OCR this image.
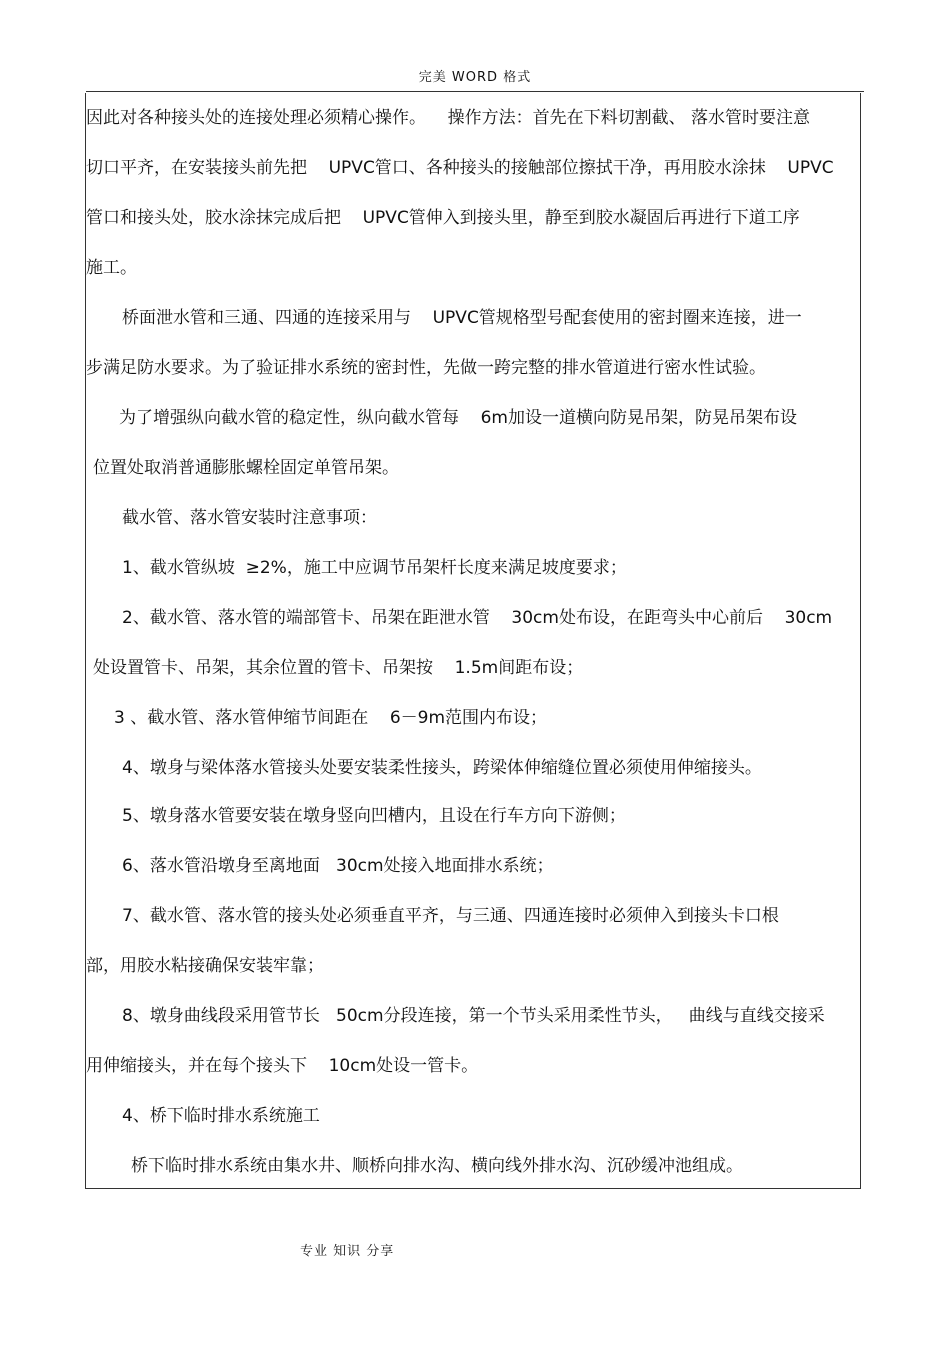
完美 WORD 格式
因此对各种接头处的连接处理必须精心操作。    操作方法：首先在下料切割截、 落水管时要注意
切口平齐，在安装接头前先把    UPVC管口、各种接头的接触部位擦拭干净，再用胶水涂抹    UPVC
管口和接头处，胶水涂抹完成后把    UPVC管伸入到接头里，静至到胶水凝固后再进行下道工序
施工。
桥面泄水管和三通、四通的连接采用与    UPVC管规格型号配套使用的密封圈来连接，进一
步满足防水要求。为了验证排水系统的密封性，先做一跨完整的排水管道进行密水性试验。
为了增强纵向截水管的稳定性，纵向截水管每    6m加设一道横向防晃吊架，防晃吊架布设
位置处取消普通膨胀螺栓固定单管吊架。
截水管、落水管安装时注意事项：
1、截水管纵坡  ≥2%，施工中应调节吊架杆长度来满足坡度要求；
2、截水管、落水管的端部管卡、吊架在距泄水管    30cm处布设，在距弯头中心前后    30cm
处设置管卡、吊架，其余位置的管卡、吊架按    1.5m间距布设；
3 、截水管、落水管伸缩节间距在    6－9m范围内布设；
4、墩身与梁体落水管接头处要安装柔性接头，跨梁体伸缩缝位置必须使用伸缩接头。
5、墩身落水管要安装在墩身竖向凹槽内，且设在行车方向下游侧；
6、落水管沿墩身至离地面   30cm处接入地面排水系统；
7、截水管、落水管的接头处必须垂直平齐，与三通、四通连接时必须伸入到接头卡口根
部，用胶水粘接确保安装牢靠；
8、墩身曲线段采用管节长   50cm分段连接，第一个节头采用柔性节头，   曲线与直线交接采
用伸缩接头，并在每个接头下    10cm处设一管卡。
4、桥下临时排水系统施工
桥下临时排水系统由集水井、顺桥向排水沟、横向线外排水沟、沉砂缓冲池组成。
专业 知识 分享
